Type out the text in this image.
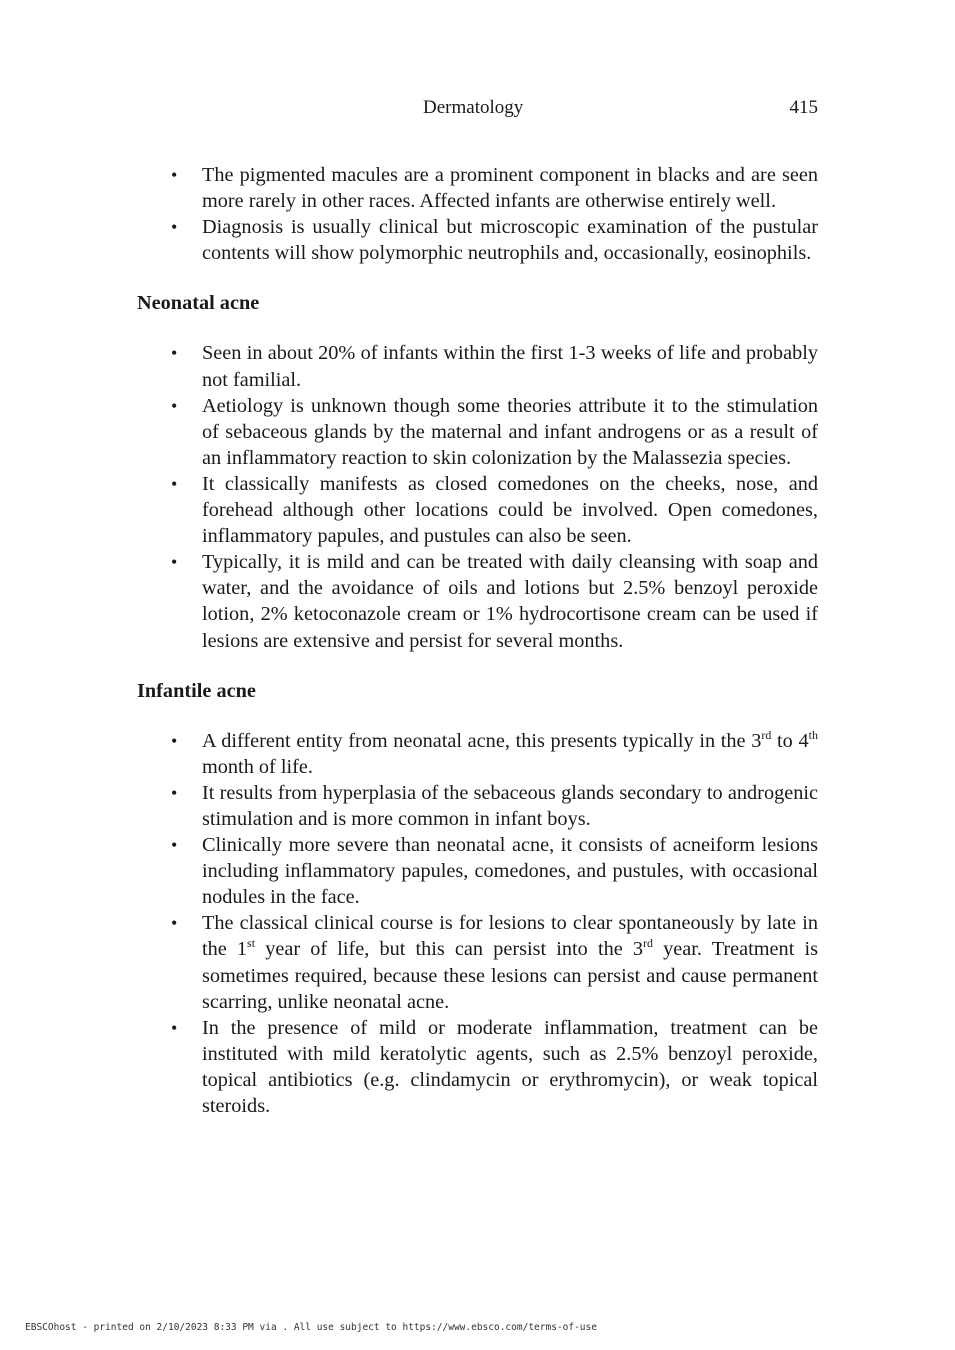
Dermatology	415
• The pigmented macules are a prominent component in blacks and are seen more rarely in other races. Affected infants are otherwise entirely well.
• Diagnosis is usually clinical but microscopic examination of the pustular contents will show polymorphic neutrophils and, occasionally, eosinophils.
Neonatal acne
• Seen in about 20% of infants within the first 1-3 weeks of life and probably not familial.
• Aetiology is unknown though some theories attribute it to the stimulation of sebaceous glands by the maternal and infant androgens or as a result of an inflammatory reaction to skin colonization by the Malassezia species.
• It classically manifests as closed comedones on the cheeks, nose, and forehead although other locations could be involved. Open comedones, inflammatory papules, and pustules can also be seen.
• Typically, it is mild and can be treated with daily cleansing with soap and water, and the avoidance of oils and lotions but 2.5% benzoyl peroxide lotion, 2% ketoconazole cream or 1% hydrocortisone cream can be used if lesions are extensive and persist for several months.
Infantile acne
• A different entity from neonatal acne, this presents typically in the 3rd to 4th month of life.
• It results from hyperplasia of the sebaceous glands secondary to androgenic stimulation and is more common in infant boys.
• Clinically more severe than neonatal acne, it consists of acneiform lesions including inflammatory papules, comedones, and pustules, with occasional nodules in the face.
• The classical clinical course is for lesions to clear spontaneously by late in the 1st year of life, but this can persist into the 3rd year. Treatment is sometimes required, because these lesions can persist and cause permanent scarring, unlike neonatal acne.
• In the presence of mild or moderate inflammation, treatment can be instituted with mild keratolytic agents, such as 2.5% benzoyl peroxide, topical antibiotics (e.g. clindamycin or erythromycin), or weak topical steroids.
EBSCOhost - printed on 2/10/2023 8:33 PM via . All use subject to https://www.ebsco.com/terms-of-use
